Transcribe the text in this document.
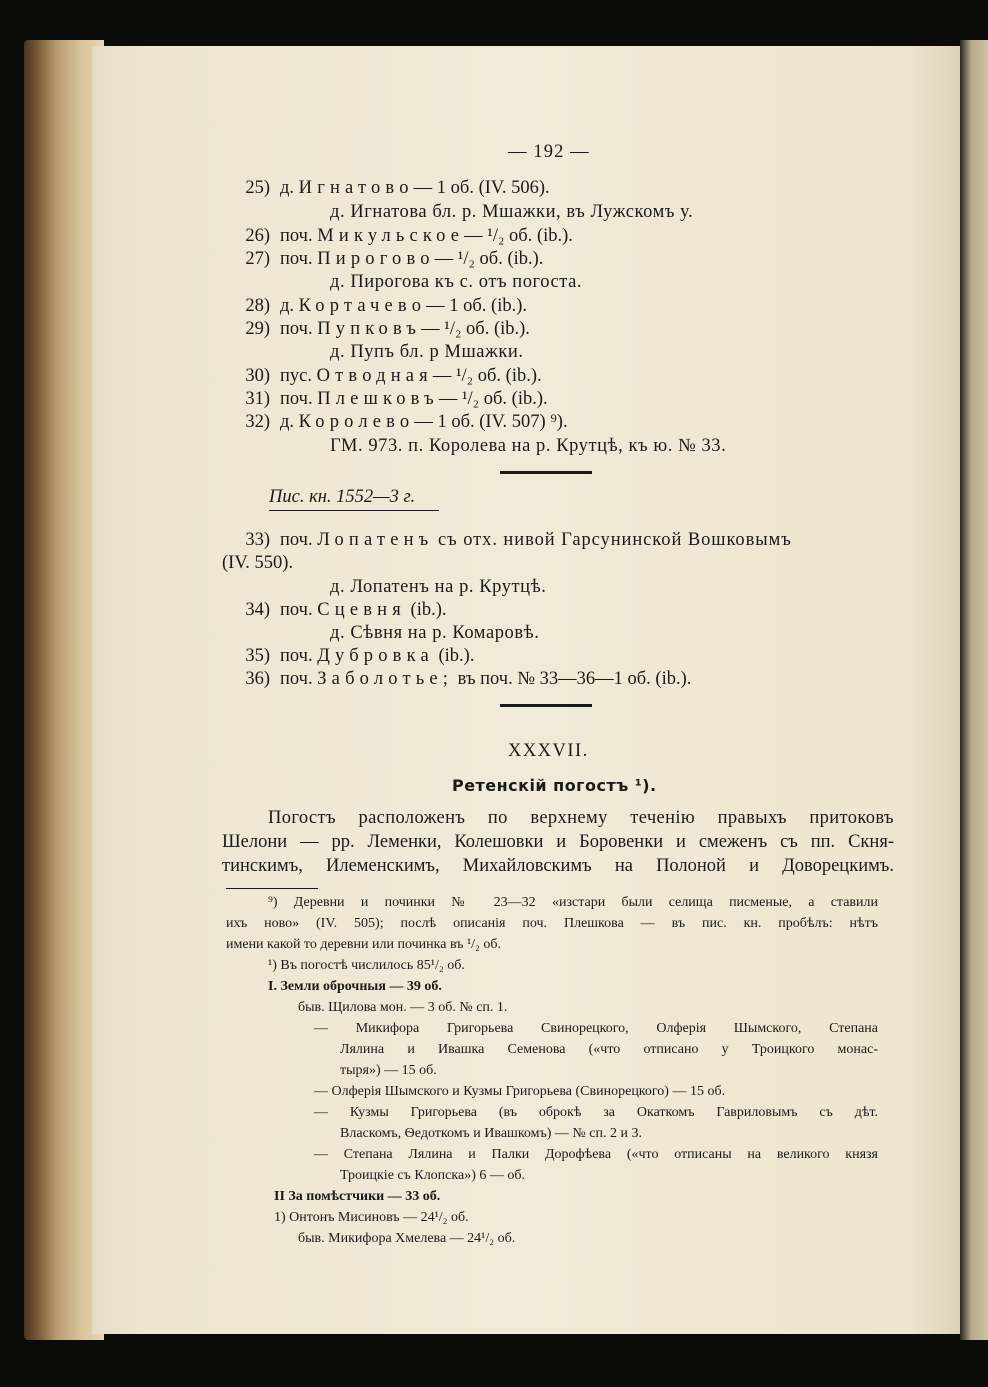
— 192 —
25) д. Игнатово— 1 об. (IV. 506).
д. Игнатова бл. р. Мшажки, въ Лужскомъ у.
26) поч. Микульское— ¹/₂ об. (ib.).
27) поч. Пирогово— ¹/₂ об. (ib.).
д. Пирогова къ с. отъ погоста.
28) д. Кортачево— 1 об. (ib.).
29) поч. Пупковъ— ¹/₂ об. (ib.).
д. Пупъ бл. р Мшажки.
30) пус. Отводная— ¹/₂ об. (ib.).
31) поч. Плешковъ— ¹/₂ об. (ib.).
32) д. Королево— 1 об. (IV. 507) ⁹).
ГМ. 973. п. Королева на р. Крутцѣ, къ ю. № 33.
Пис. кн. 1552—3 г.
33) поч. Лопатенъ съ отх. нивой Гарсунинской Вошковымъ
(IV. 550).
д. Лопатенъ на р. Крутцѣ.
34) поч. Сцевня (ib.).
д. Сѣвня на р. Комаровѣ.
35) поч. Дубровка (ib.).
36) поч. Заболотье; въ поч. № 33—36—1 об. (ib.).
XXXVII.
Ретенскій погостъ ¹).
Погостъ расположенъ по верхнему теченію правыхъ притоковъ
Шелони — рр. Леменки, Колешовки и Боровенки и смеженъ съ пп. Скня-
тинскимъ, Илеменскимъ, Михайловскимъ на Полоной и Доворецкимъ.
⁹) Деревни и починки № 23—32 «изстари были селища писменые, а ставили
ихъ ново» (IV. 505); послѣ описанія поч. Плешкова — въ пис. кн. пробѣлъ: нѣтъ
имени какой то деревни или починка въ ¹/₂ об.
¹) Въ погостѣ числилось 85¹/₂ об.
I. Земли оброчныя — 39 об.
быв. Щилова мон. — 3 об. № сп. 1.
— Микифора Григорьева Свинорецкого, Олферія Шымского, Степана
Лялина и Ивашка Семенова («что отписано у Троицкого монас-
тыря») — 15 об.
— Олферія Шымского и Кузмы Григорьева (Свинорецкого) — 15 об.
— Кузмы Григорьева (въ оброкѣ за Окаткомъ Гавриловымъ съ дѣт.
Власкомъ, Ѳедоткомъ и Ивашкомъ) — № сп. 2 и 3.
— Степана Лялина и Палки Дорофѣева («что отписаны на великого князя
Троицкіе съ Клопска») 6 — об.
II За помѣстчики — 33 об.
1) Онтонъ Мисиновъ — 24¹/₂ об.
быв. Микифора Хмелева — 24¹/₂ об.
